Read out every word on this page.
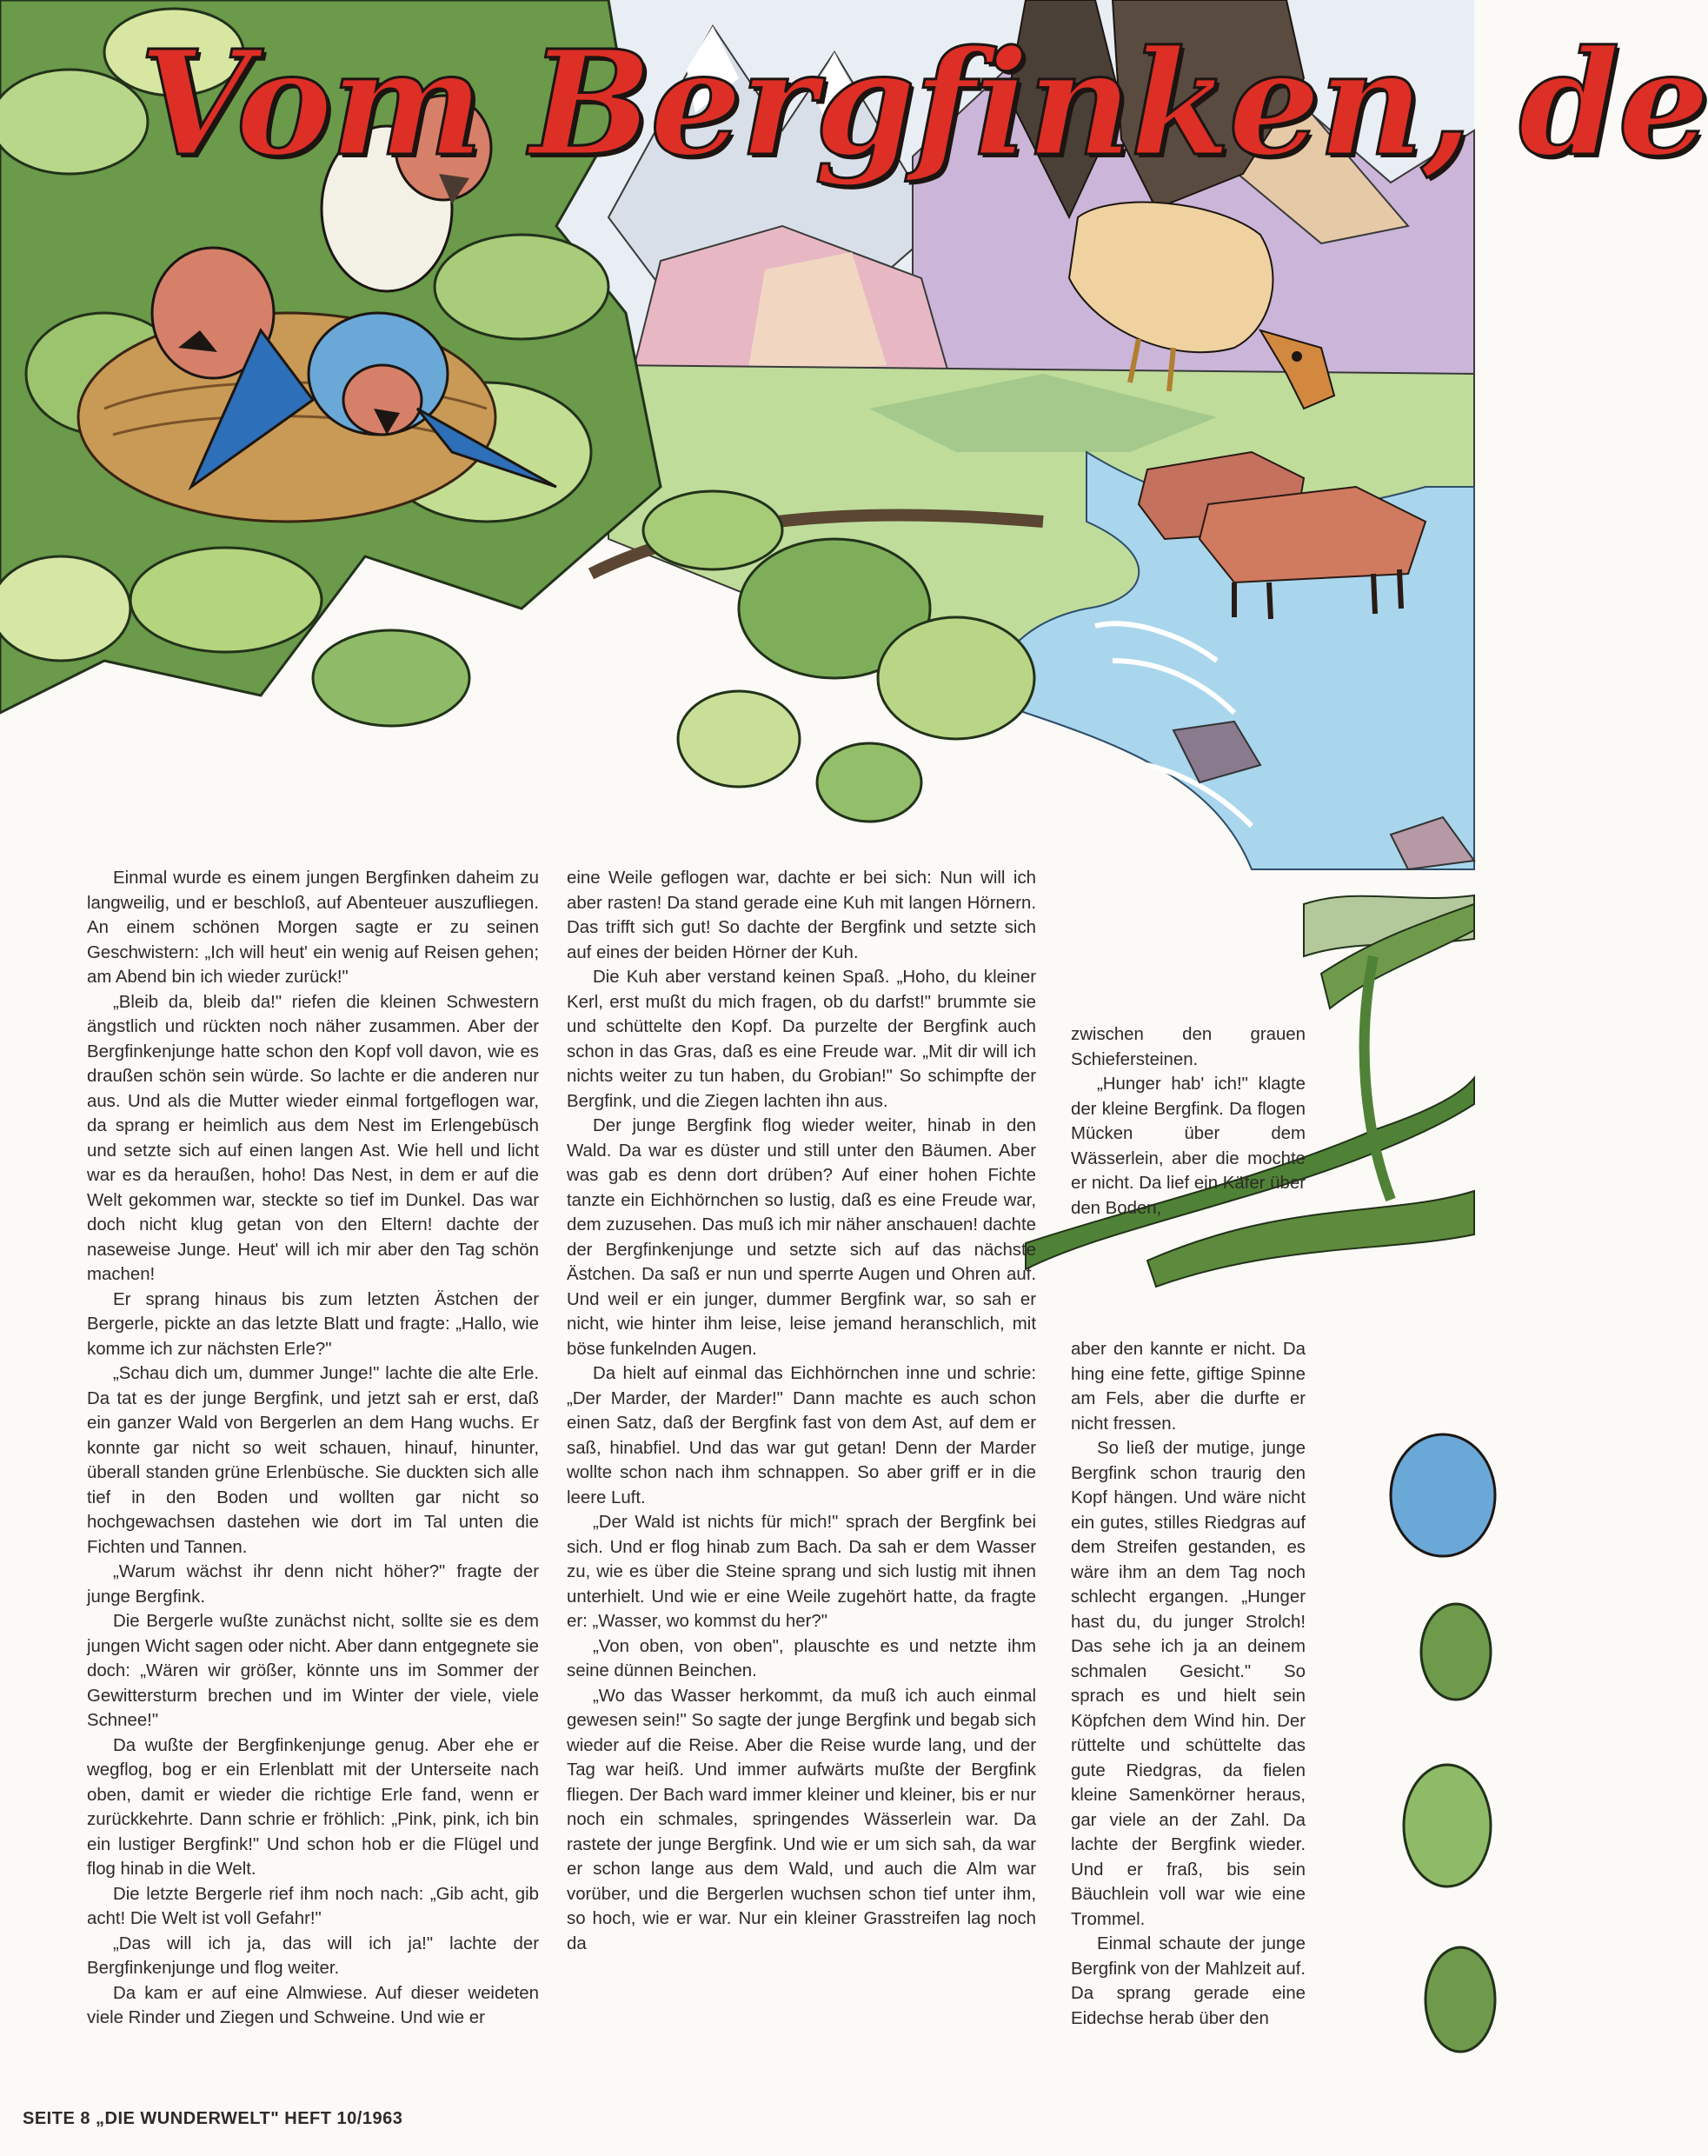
Vom Bergfinken, de

Einmal wurde es einem jungen Bergfinken daheim zu langweilig, und er beschloß, auf Abenteuer auszufliegen. An einem schönen Morgen sagte er zu seinen Geschwistern: „Ich will heut' ein wenig auf Reisen gehen; am Abend bin ich wieder zurück!"

„Bleib da, bleib da!" riefen die kleinen Schwestern ängstlich und rückten noch näher zusammen. Aber der Bergfinkenjunge hatte schon den Kopf voll davon, wie es draußen schön sein würde. So lachte er die anderen nur aus. Und als die Mutter wieder einmal fortgeflogen war, da sprang er heimlich aus dem Nest im Erlengebüsch und setzte sich auf einen langen Ast. Wie hell und licht war es da heraußen, hoho! Das Nest, in dem er auf die Welt gekommen war, steckte so tief im Dunkel. Das war doch nicht klug getan von den Eltern! dachte der naseweise Junge. Heut' will ich mir aber den Tag schön machen!

Er sprang hinaus bis zum letzten Ästchen der Bergerle, pickte an das letzte Blatt und fragte: „Hallo, wie komme ich zur nächsten Erle?"

„Schau dich um, dummer Junge!" lachte die alte Erle. Da tat es der junge Bergfink, und jetzt sah er erst, daß ein ganzer Wald von Bergerlen an dem Hang wuchs. Er konnte gar nicht so weit schauen, hinauf, hinunter, überall standen grüne Erlenbüsche. Sie duckten sich alle tief in den Boden und wollten gar nicht so hochgewachsen dastehen wie dort im Tal unten die Fichten und Tannen.

„Warum wächst ihr denn nicht höher?" fragte der junge Bergfink.

Die Bergerle wußte zunächst nicht, sollte sie es dem jungen Wicht sagen oder nicht. Aber dann entgegnete sie doch: „Wären wir größer, könnte uns im Sommer der Gewittersturm brechen und im Winter der viele, viele Schnee!"

Da wußte der Bergfinkenjunge genug. Aber ehe er wegflog, bog er ein Erlenblatt mit der Unterseite nach oben, damit er wieder die richtige Erle fand, wenn er zurückkehrte. Dann schrie er fröhlich: „Pink, pink, ich bin ein lustiger Bergfink!" Und schon hob er die Flügel und flog hinab in die Welt.

Die letzte Bergerle rief ihm noch nach: „Gib acht, gib acht! Die Welt ist voll Gefahr!"

„Das will ich ja, das will ich ja!" lachte der Bergfinkenjunge und flog weiter.

Da kam er auf eine Almwiese. Auf dieser weideten viele Rinder und Ziegen und Schweine. Und wie er

eine Weile geflogen war, dachte er bei sich: Nun will ich aber rasten! Da stand gerade eine Kuh mit langen Hörnern. Das trifft sich gut! So dachte der Bergfink und setzte sich auf eines der beiden Hörner der Kuh.

Die Kuh aber verstand keinen Spaß. „Hoho, du kleiner Kerl, erst mußt du mich fragen, ob du darfst!" brummte sie und schüttelte den Kopf. Da purzelte der Bergfink auch schon in das Gras, daß es eine Freude war. „Mit dir will ich nichts weiter zu tun haben, du Grobian!" So schimpfte der Bergfink, und die Ziegen lachten ihn aus.

Der junge Bergfink flog wieder weiter, hinab in den Wald. Da war es düster und still unter den Bäumen. Aber was gab es denn dort drüben? Auf einer hohen Fichte tanzte ein Eichhörnchen so lustig, daß es eine Freude war, dem zuzusehen. Das muß ich mir näher anschauen! dachte der Bergfinkenjunge und setzte sich auf das nächste Ästchen. Da saß er nun und sperrte Augen und Ohren auf. Und weil er ein junger, dummer Bergfink war, so sah er nicht, wie hinter ihm leise, leise jemand heranschlich, mit böse funkelnden Augen.

Da hielt auf einmal das Eichhörnchen inne und schrie: „Der Marder, der Marder!" Dann machte es auch schon einen Satz, daß der Bergfink fast von dem Ast, auf dem er saß, hinabfiel. Und das war gut getan! Denn der Marder wollte schon nach ihm schnappen. So aber griff er in die leere Luft.

„Der Wald ist nichts für mich!" sprach der Bergfink bei sich. Und er flog hinab zum Bach. Da sah er dem Wasser zu, wie es über die Steine sprang und sich lustig mit ihnen unterhielt. Und wie er eine Weile zugehört hatte, da fragte er: „Wasser, wo kommst du her?"

„Von oben, von oben", plauschte es und netzte ihm seine dünnen Beinchen.

„Wo das Wasser herkommt, da muß ich auch einmal gewesen sein!" So sagte der junge Bergfink und begab sich wieder auf die Reise. Aber die Reise wurde lang, und der Tag war heiß. Und immer aufwärts mußte der Bergfink fliegen. Der Bach ward immer kleiner und kleiner, bis er nur noch ein schmales, springendes Wässerlein war. Da rastete der junge Bergfink. Und wie er um sich sah, da war er schon lange aus dem Wald, und auch die Alm war vorüber, und die Bergerlen wuchsen schon tief unter ihm, so hoch, wie er war. Nur ein kleiner Grasstreifen lag noch da

zwischen den grauen Schiefersteinen.

„Hunger hab' ich!" klagte der kleine Bergfink. Da flogen Mücken über dem Wässerlein, aber die mochte er nicht. Da lief ein Käfer über den Boden,

aber den kannte er nicht. Da hing eine fette, giftige Spinne am Fels, aber die durfte er nicht fressen.

So ließ der mutige, junge Bergfink schon traurig den Kopf hängen. Und wäre nicht ein gutes, stilles Riedgras auf dem Streifen gestanden, es wäre ihm an dem Tag noch schlecht ergangen. „Hunger hast du, du junger Strolch! Das sehe ich ja an deinem schmalen Gesicht." So sprach es und hielt sein Köpfchen dem Wind hin. Der rüttelte und schüttelte das gute Riedgras, da fielen kleine Samenkörner heraus, gar viele an der Zahl. Da lachte der Bergfink wieder. Und er fraß, bis sein Bäuchlein voll war wie eine Trommel.

Einmal schaute der junge Bergfink von der Mahlzeit auf. Da sprang gerade eine Eidechse herab über den

SEITE 8 „DIE WUNDERWELT" HEFT 10/1963
